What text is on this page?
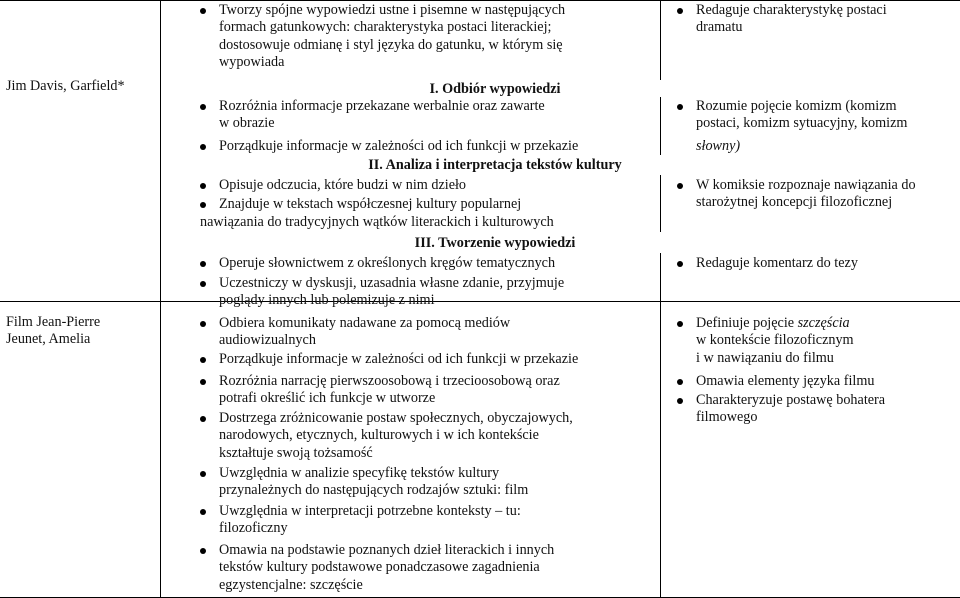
Jim Davis, Garfield*
Film Jean-Pierre
Jeunet, Amelia
I. Odbiór wypowiedzi
II. Analiza i interpretacja tekstów kultury
III. Tworzenie wypowiedzi
Tworzy spójne wypowiedzi ustne i pisemne w następujących
formach gatunkowych: charakterystyka postaci literackiej;
dostosowuje odmianę i styl języka do gatunku, w którym się
wypowiada
Rozróżnia informacje przekazane werbalnie oraz zawarte
w obrazie
Porządkuje informacje w zależności od ich funkcji w przekazie
Opisuje odczucia, które budzi w nim dzieło
Znajduje w tekstach współczesnej kultury popularnej
nawiązania do tradycyjnych wątków literackich i kulturowych
Operuje słownictwem z określonych kręgów tematycznych
Uczestniczy w dyskusji, uzasadnia własne zdanie, przyjmuje
poglądy innych lub polemizuje z nimi
Odbiera komunikaty nadawane za pomocą mediów
audiowizualnych
Porządkuje informacje w zależności od ich funkcji w przekazie
Rozróżnia narrację pierwszoosobową i trzecioosobową oraz
potrafi określić ich funkcje w utworze
Dostrzega zróżnicowanie postaw społecznych, obyczajowych,
narodowych, etycznych, kulturowych i w ich kontekście
kształtuje swoją tożsamość
Uwzględnia w analizie specyfikę tekstów kultury
przynależnych do następujących rodzajów sztuki: film
Uwzględnia w interpretacji potrzebne konteksty – tu:
filozoficzny
Omawia na podstawie poznanych dzieł literackich i innych
tekstów kultury podstawowe ponadczasowe zagadnienia
egzystencjalne: szczęście
Redaguje charakterystykę postaci
dramatu
Rozumie pojęcie komizm (komizm
postaci, komizm sytuacyjny, komizm
słowny)
W komiksie rozpoznaje nawiązania do
starożytnej koncepcji filozoficznej
Redaguje komentarz do tezy
Definiuje pojęcie szczęścia
w kontekście filozoficznym
i w nawiązaniu do filmu
Omawia elementy języka filmu
Charakteryzuje postawę bohatera
filmowego
